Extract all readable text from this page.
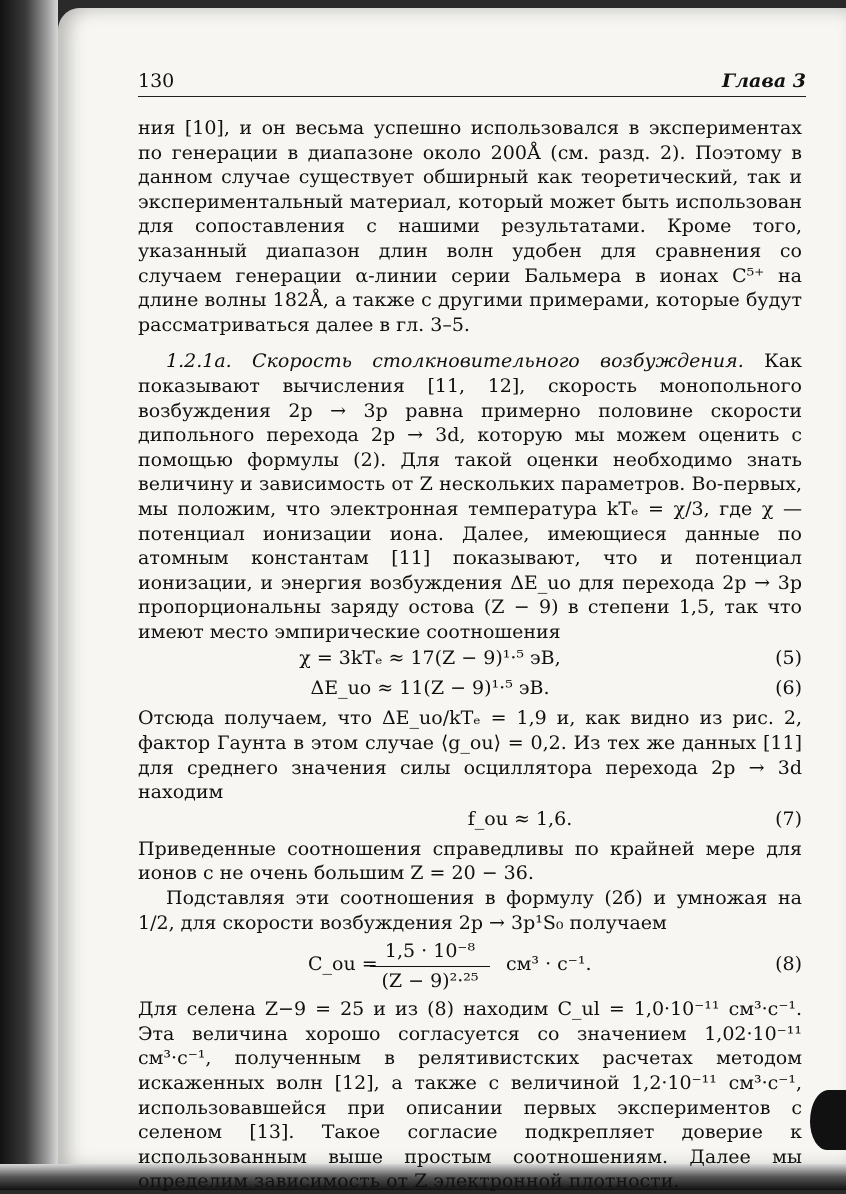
130	Глава 3

ния [10], и он весьма успешно использовался в экспериментах по генерации в диапазоне около 200Å (см. разд. 2). Поэтому в данном случае существует обширный как теоретический, так и экспериментальный материал, который может быть использован для сопоставления с нашими результатами. Кроме того, указанный диапазон длин волн удобен для сравнения со случаем генерации α-линии серии Бальмера в ионах C⁵⁺ на длине волны 182Å, а также с другими примерами, которые будут рассматриваться далее в гл. 3–5.

1.2.1а. Скорость столкновительного возбуждения. Как показывают вычисления [11, 12], скорость монопольного возбуждения 2p → 3p равна примерно половине скорости дипольного перехода 2p → 3d, которую мы можем оценить с помощью формулы (2). Для такой оценки необходимо знать величину и зависимость от Z нескольких параметров. Во-первых, мы положим, что электронная температура kTₑ = χ/3, где χ — потенциал ионизации иона. Далее, имеющиеся данные по атомным константам [11] показывают, что и потенциал ионизации, и энергия возбуждения ΔE_uo для перехода 2p → 3p пропорциональны заряду остова (Z − 9) в степени 1,5, так что имеют место эмпирические соотношения

χ = 3kTₑ ≈ 17(Z − 9)¹·⁵ эВ,	(5)
ΔE_uo ≈ 11(Z − 9)¹·⁵ эВ.	(6)

Отсюда получаем, что ΔE_uo/kTₑ = 1,9 и, как видно из рис. 2, фактор Гаунта в этом случае ⟨g_ou⟩ = 0,2. Из тех же данных [11] для среднего значения силы осциллятора перехода 2p → 3d находим

f_ou ≈ 1,6.	(7)

Приведенные соотношения справедливы по крайней мере для ионов с не очень большим Z = 20 − 36.

Подставляя эти соотношения в формулу (2б) и умножая на 1/2, для скорости возбуждения 2p → 3p¹S₀ получаем

C_ou =
$\frac{\text{1,5 · 10⁻⁸}}{\text{(Z − 9)²·²⁵}} см^3 \cdot с^{-1}$.	(8)

Для селена Z−9 = 25 и из (8) находим C_ul = 1,0·10⁻¹¹ см³·с⁻¹. Эта величина хорошо согласуется со значением 1,02·10⁻¹¹ см³·с⁻¹, полученным в релятивистских расчетах методом искаженных волн [12], а также с величиной 1,2·10⁻¹¹ см³·с⁻¹, использовавшейся при описании первых экспериментов с селеном [13]. Такое согласие подкрепляет доверие к использованным выше простым соотношениям. Далее мы определим зависимость от Z электронной плотности.
